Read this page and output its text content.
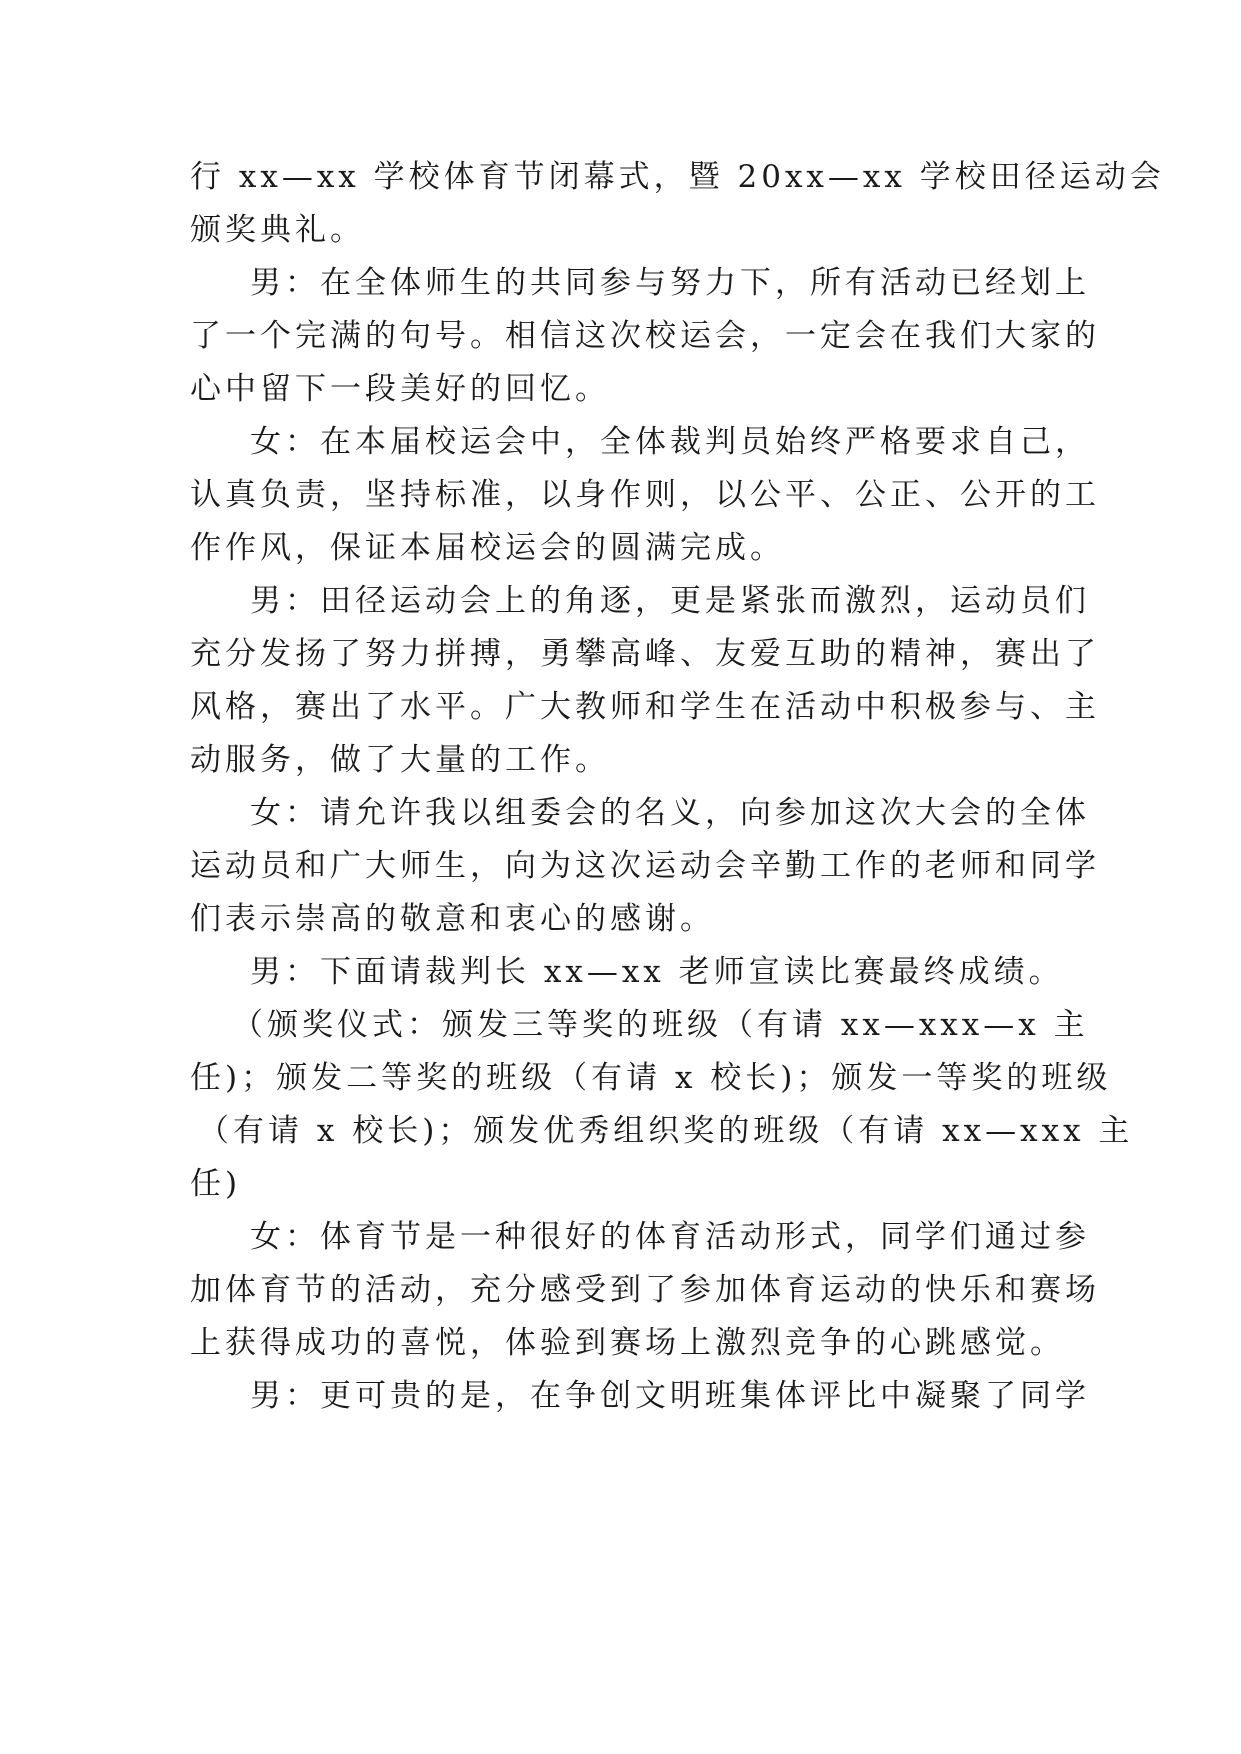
行 xx—xx 学校体育节闭幕式，暨 20xx—xx 学校田径运动会
颁奖典礼。
男：在全体师生的共同参与努力下，所有活动已经划上
了一个完满的句号。相信这次校运会，一定会在我们大家的
心中留下一段美好的回忆。
女：在本届校运会中，全体裁判员始终严格要求自己，
认真负责，坚持标准，以身作则，以公平、公正、公开的工
作作风，保证本届校运会的圆满完成。
男：田径运动会上的角逐，更是紧张而激烈，运动员们
充分发扬了努力拼搏，勇攀高峰、友爱互助的精神，赛出了
风格，赛出了水平。广大教师和学生在活动中积极参与、主
动服务，做了大量的工作。
女：请允许我以组委会的名义，向参加这次大会的全体
运动员和广大师生，向为这次运动会辛勤工作的老师和同学
们表示崇高的敬意和衷心的感谢。
男：下面请裁判长 xx—xx 老师宣读比赛最终成绩。
（颁奖仪式：颁发三等奖的班级（有请 xx—xxx—x 主
任)；颁发二等奖的班级（有请 x 校长)；颁发一等奖的班级
（有请 x 校长)；颁发优秀组织奖的班级（有请 xx—xxx 主
任)
女：体育节是一种很好的体育活动形式，同学们通过参
加体育节的活动，充分感受到了参加体育运动的快乐和赛场
上获得成功的喜悦，体验到赛场上激烈竞争的心跳感觉。
男：更可贵的是，在争创文明班集体评比中凝聚了同学
